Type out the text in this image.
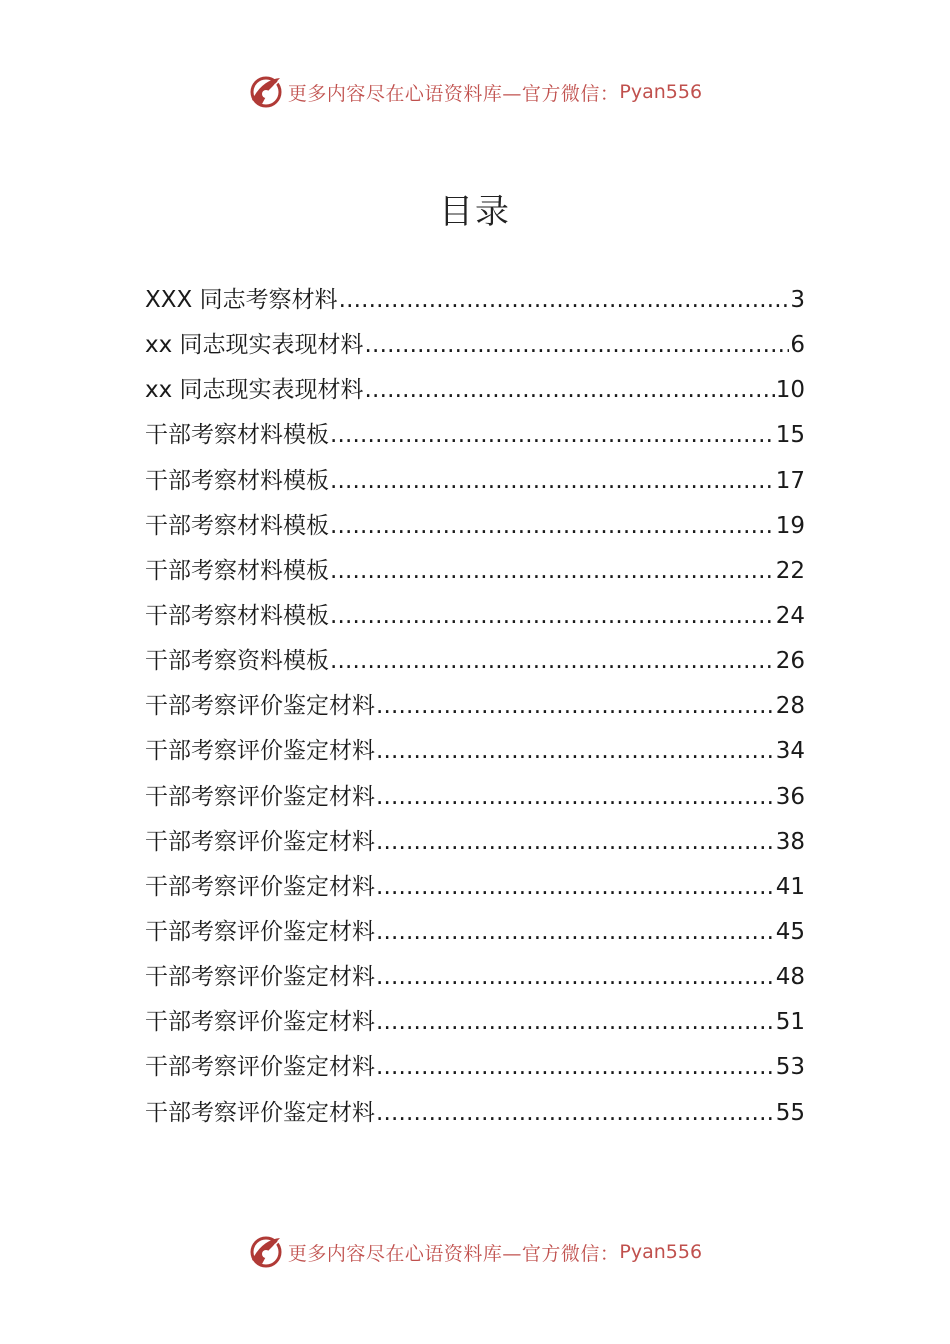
更多内容尽在心语资料库—官方微信： Pyan556
目录
XXX 同志考察材料 .....	3
xx 同志现实表现材料 .....	6
xx 同志现实表现材料 .....	10
干部考察材料模板 .....	15
干部考察材料模板 .....	17
干部考察材料模板 .....	19
干部考察材料模板 .....	22
干部考察材料模板 .....	24
干部考察资料模板 .....	26
干部考察评价鉴定材料 .....	28
干部考察评价鉴定材料 .....	34
干部考察评价鉴定材料 .....	36
干部考察评价鉴定材料 .....	38
干部考察评价鉴定材料 .....	41
干部考察评价鉴定材料 .....	45
干部考察评价鉴定材料 .....	48
干部考察评价鉴定材料 .....	51
干部考察评价鉴定材料 .....	53
干部考察评价鉴定材料 .....	55
更多内容尽在心语资料库—官方微信： Pyan556
